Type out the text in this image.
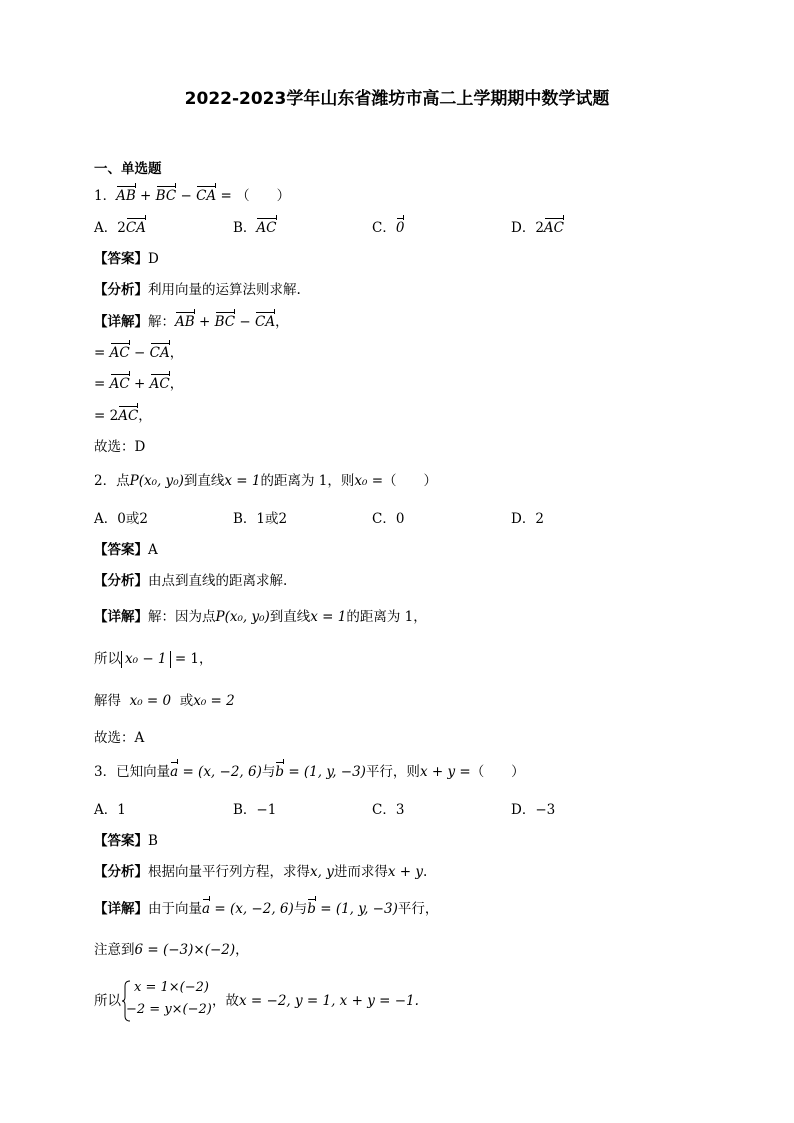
2022-2023学年山东省潍坊市高二上学期期中数学试题
一、单选题
1．AB + BC − CA = （　　）
A．2CA	B．AC	C．0	D．2AC
【答案】D
【分析】利用向量的运算法则求解.
【详解】解：AB + BC − CA，
= AC − CA，
= AC + AC，
= 2AC，
故选：D
2．点P(x₀, y₀)到直线x = 1的距离为 1，则x₀ =（　　）
A．0或2	B．1或2	C．0	D．2
【答案】A
【分析】由点到直线的距离求解.
【详解】解：因为点P(x₀, y₀)到直线x = 1的距离为 1，
所以 x₀ − 1 = 1，
解得 x₀ = 0 或x₀ = 2
故选：A
3．已知向量a = (x, −2, 6)与b = (1, y, −3)平行，则x + y =（　　）
A．1	B．−1	C．3	D．−3
【答案】B
【分析】根据向量平行列方程，求得x, y进而求得x + y.
【详解】由于向量a = (x, −2, 6)与b = (1, y, −3)平行，
注意到6 = (−3)×(−2)，
所以
x = 1×(−2)
−2 = y×(−2)
，故x = −2, y = 1, x + y = −1.
